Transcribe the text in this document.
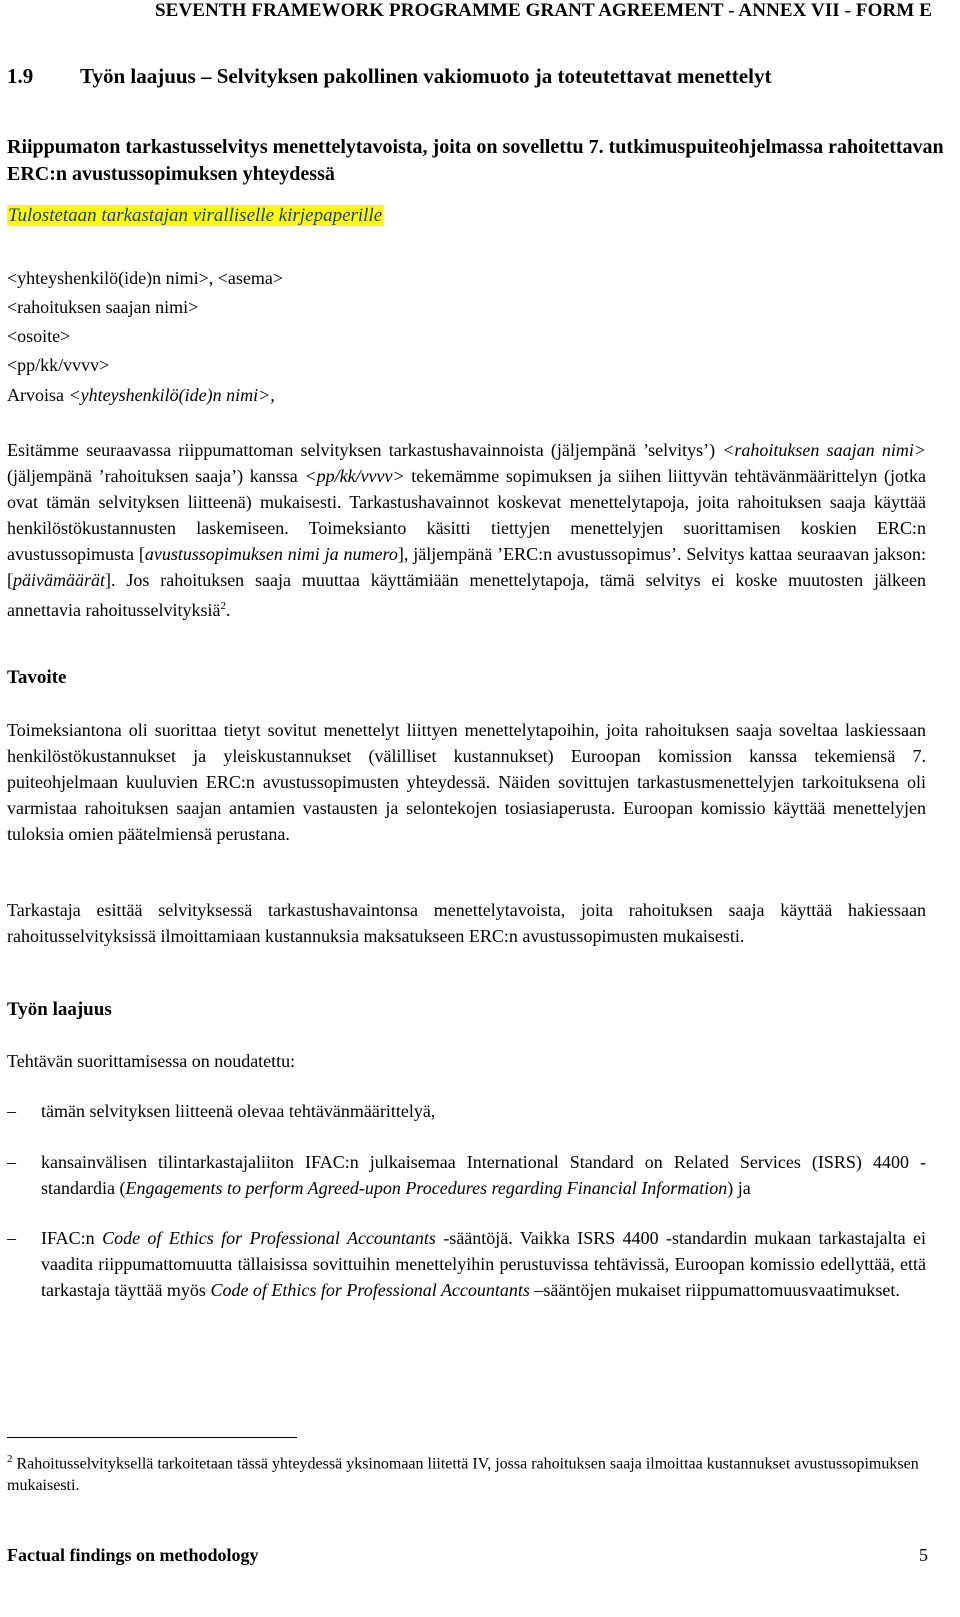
SEVENTH FRAMEWORK PROGRAMME GRANT AGREEMENT - ANNEX VII - FORM E
1.9 Työn laajuus – Selvityksen pakollinen vakiomuoto ja toteutettavat menettelyt
Riippumaton tarkastusselvitys menettelytavoista, joita on sovellettu 7. tutkimuspuiteohjelmassa rahoitettavan ERC:n avustussopimuksen yhteydessä
Tulostetaan tarkastajan viralliselle kirjepaperille
<yhteyshenkilö(ide)n nimi>, <asema>
<rahoituksen saajan nimi>
<osoite>
<pp/kk/vvvv>
Arvoisa <yhteyshenkilö(ide)n nimi>,
Esitämme seuraavassa riippumattoman selvityksen tarkastushavainnoista (jäljempänä ’selvitys’) <rahoituksen saajan nimi> (jäljempänä ’rahoituksen saaja’) kanssa <pp/kk/vvvv> tekemämme sopimuksen ja siihen liittyvän tehtävänmäärittelyn (jotka ovat tämän selvityksen liitteenä) mukaisesti. Tarkastushavainnot koskevat menettelytapoja, joita rahoituksen saaja käyttää henkilöstökustannusten laskemiseen. Toimeksianto käsitti tiettyjen menettelyjen suorittamisen koskien ERC:n avustussopimusta [avustussopimuksen nimi ja numero], jäljempänä ’ERC:n avustussopimus’. Selvitys kattaa seuraavan jakson: [päivämäärät]. Jos rahoituksen saaja muuttaa käyttämiään menettelytapoja, tämä selvitys ei koske muutosten jälkeen annettavia rahoitusselvityksiä$^2$.
Tavoite
Toimeksiantona oli suorittaa tietyt sovitut menettelyt liittyen menettelytapoihin, joita rahoituksen saaja soveltaa laskiessaan henkilöstökustannukset ja yleiskustannukset (välilliset kustannukset) Euroopan komission kanssa tekemiensä 7. puiteohjelmaan kuuluvien ERC:n avustussopimusten yhteydessä. Näiden sovittujen tarkastusmenettelyjen tarkoituksena oli varmistaa rahoituksen saajan antamien vastausten ja selontekojen tosiasiaperusta. Euroopan komissio käyttää menettelyjen tuloksia omien päätelmiensä perustana.
Tarkastaja esittää selvityksessä tarkastushavaintonsa menettelytavoista, joita rahoituksen saaja käyttää hakiessaan rahoitusselvityksissä ilmoittamiaan kustannuksia maksatukseen ERC:n avustussopimusten mukaisesti.
Työn laajuus
Tehtävän suorittamisessa on noudatettu:
– tämän selvityksen liitteenä olevaa tehtävänmäärittelyä,
– kansainvälisen tilintarkastajaliiton IFAC:n julkaisemaa International Standard on Related Services (ISRS) 4400 -standardia (Engagements to perform Agreed-upon Procedures regarding Financial Information) ja
– IFAC:n Code of Ethics for Professional Accountants -sääntöjä. Vaikka ISRS 4400 -standardin mukaan tarkastajalta ei vaadita riippumattomuutta tällaisissa sovittuihin menettelyihin perustuvissa tehtävissä, Euroopan komissio edellyttää, että tarkastaja täyttää myös Code of Ethics for Professional Accountants –sääntöjen mukaiset riippumattomuusvaatimukset.
$^2$ Rahoitusselvityksellä tarkoitetaan tässä yhteydessä yksinomaan liitettä IV, jossa rahoituksen saaja ilmoittaa kustannukset avustussopimuksen mukaisesti.
Factual findings on methodology	5
